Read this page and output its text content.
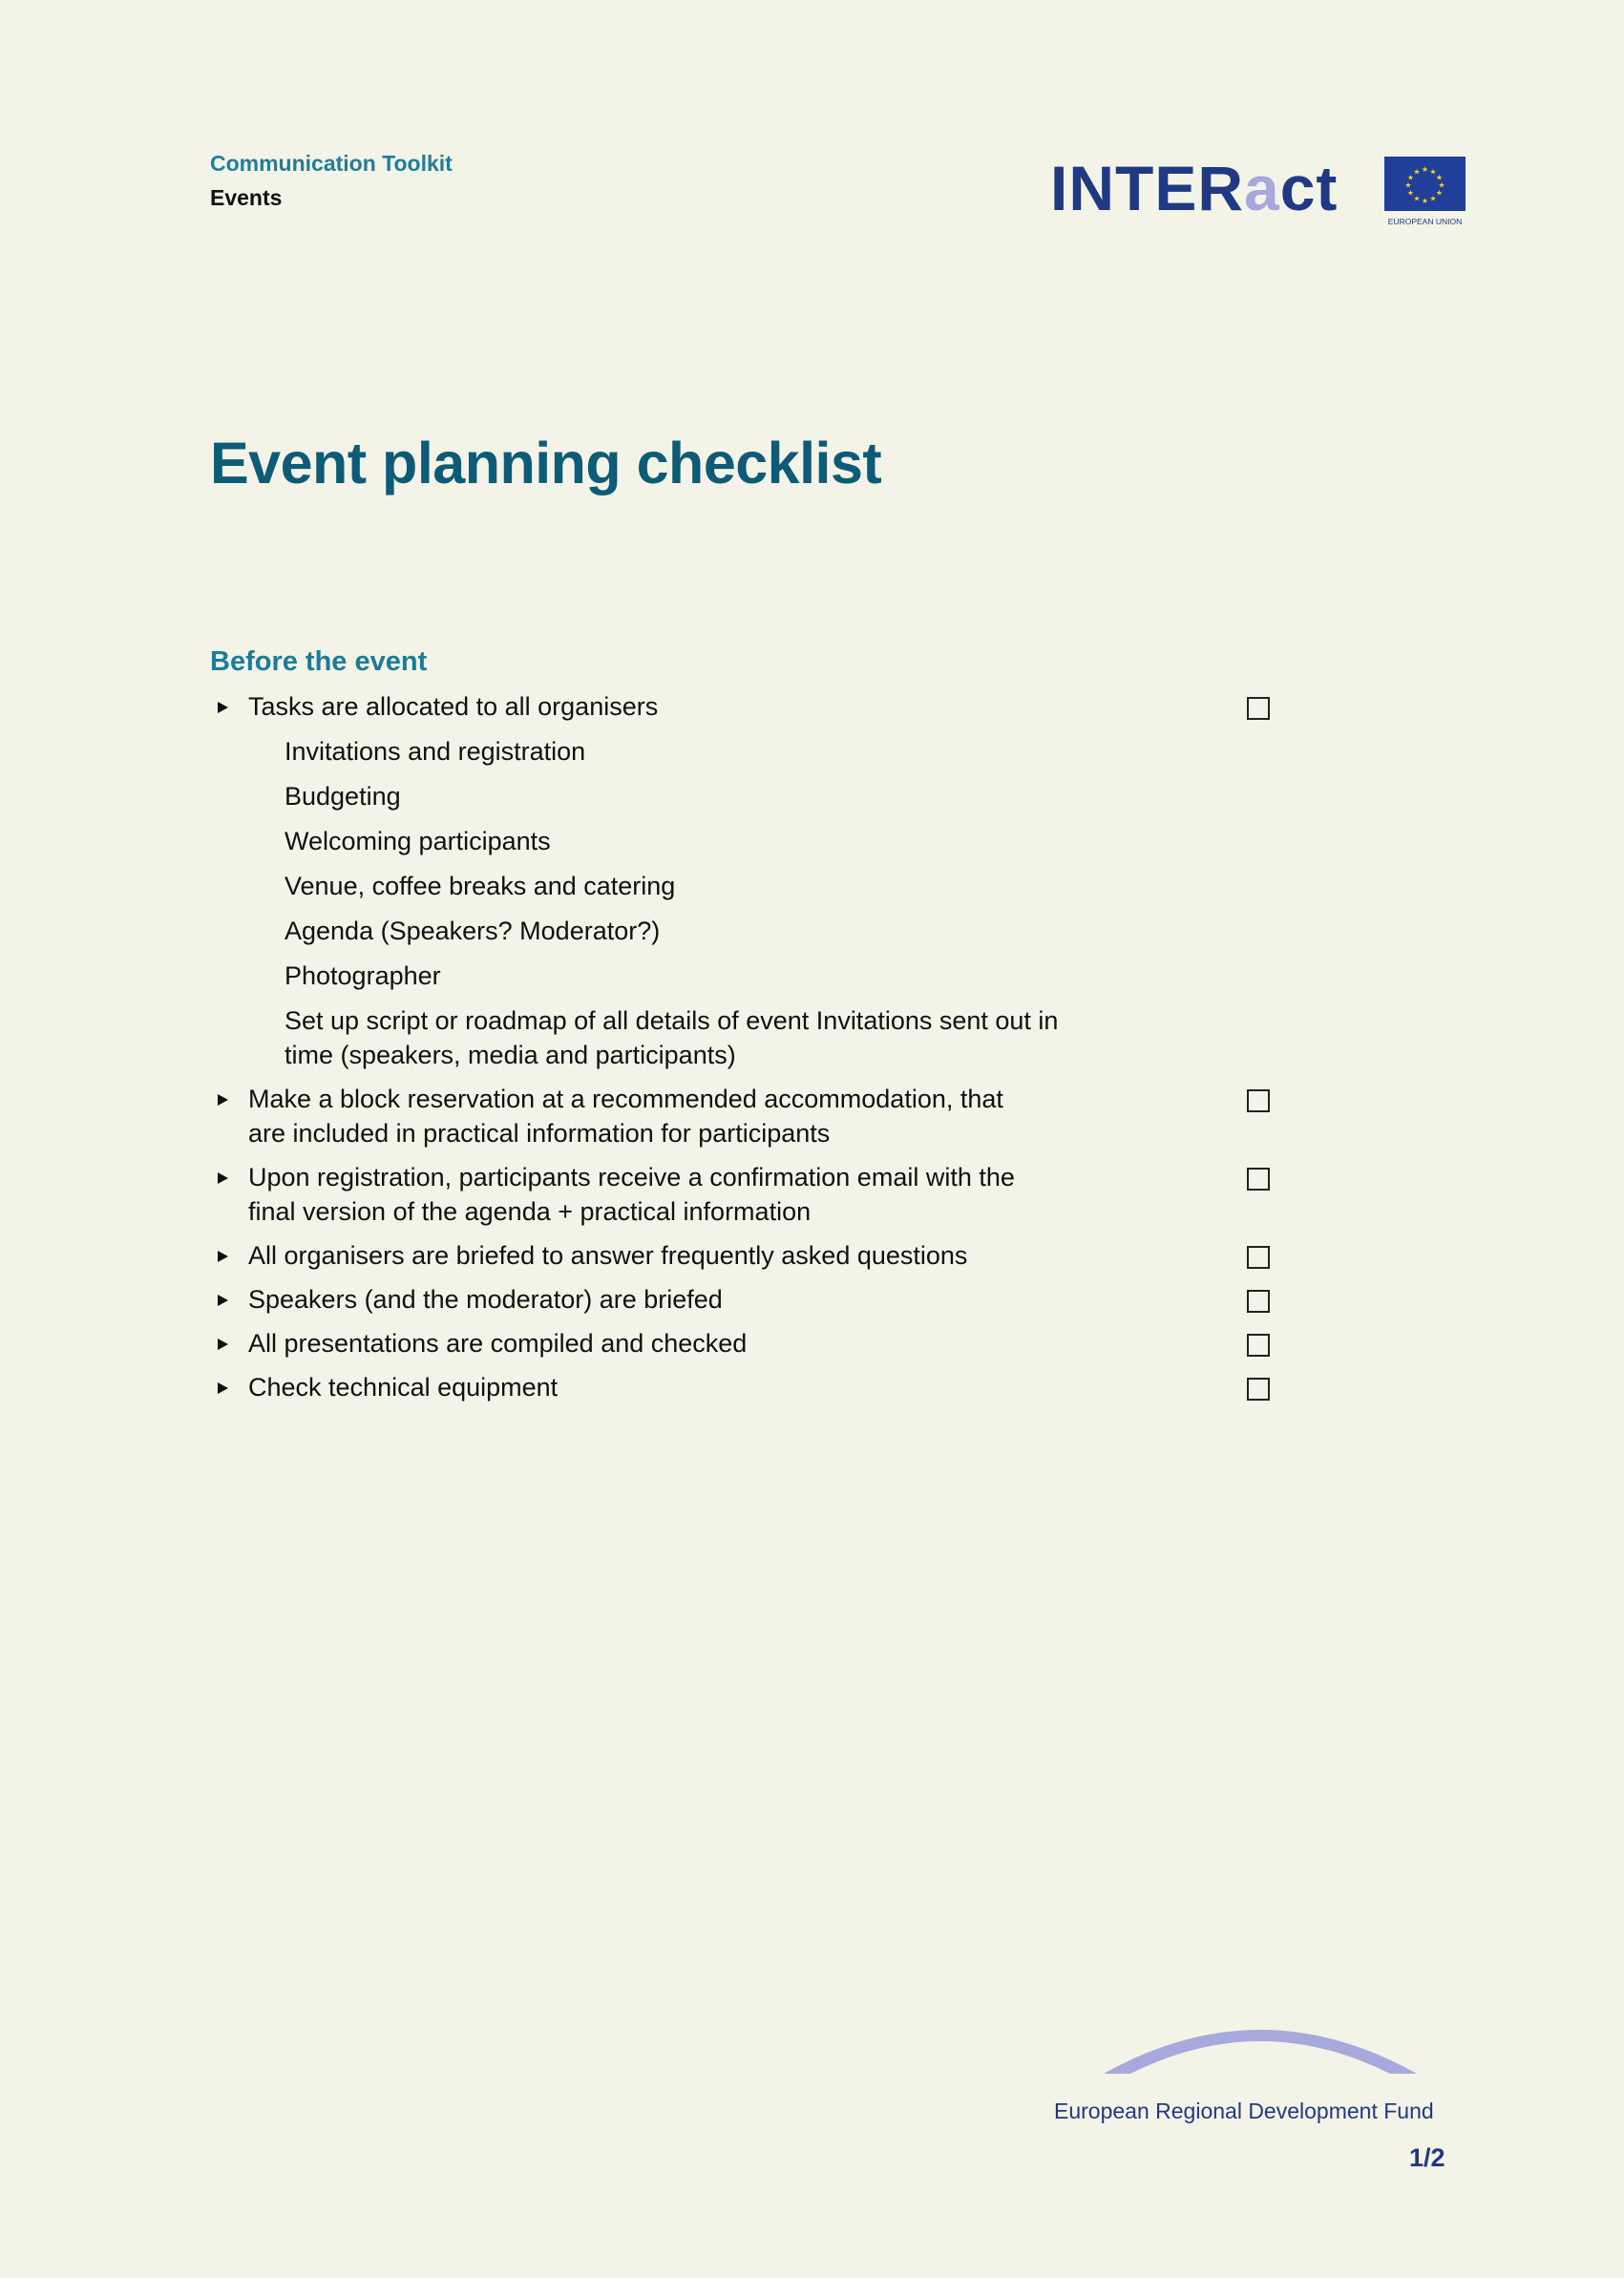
Communication Toolkit
Events	INTERact	★ ★
★
★
★
★
★
★
★
★
★
★
EUROPEAN UNION
Event planning checklist
Before the event
Tasks are allocated to all organisers
Invitations and registration
Budgeting
Welcoming participants
Venue, coffee breaks and catering
Agenda (Speakers? Moderator?)
Photographer
Set up script or roadmap of all details of event Invitations sent out in time (speakers, media and participants)
Make a block reservation at a recommended accommodation, that are included in practical information for participants
Upon registration, participants receive a confirmation email with the final version of the agenda + practical information
All organisers are briefed to answer frequently asked questions
Speakers (and the moderator) are briefed
All presentations are compiled and checked
Check technical equipment
European Regional Development Fund
1/2
